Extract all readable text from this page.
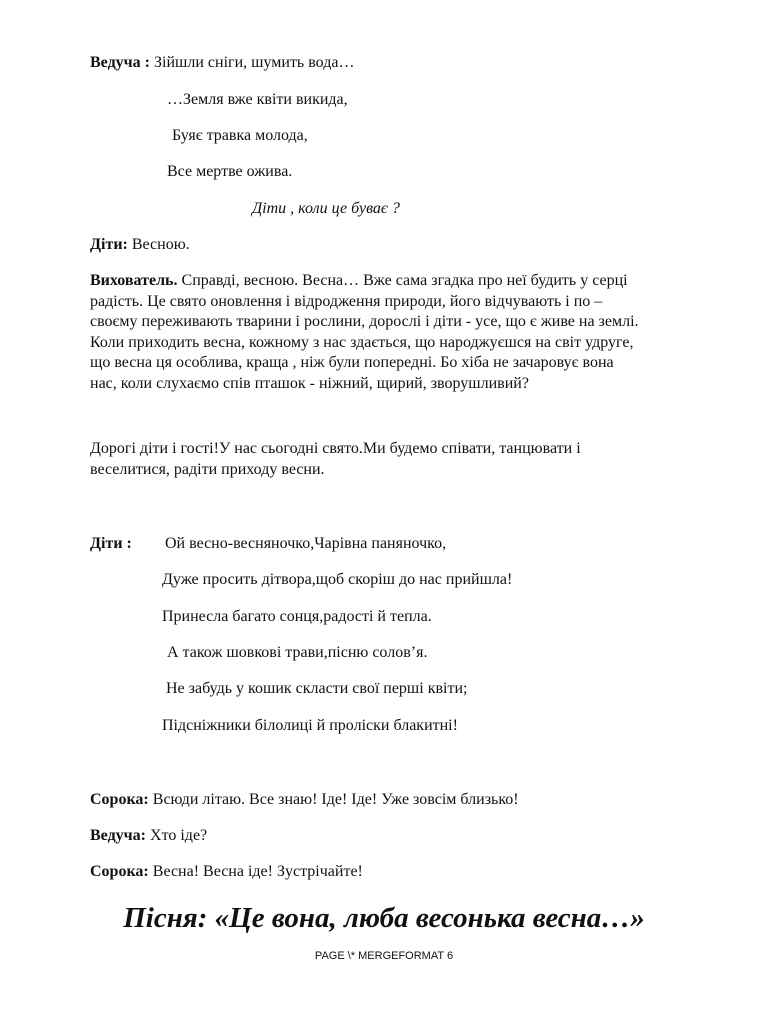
Ведуча : Зійшли сніги, шумить вода…
…Земля вже квіти викида,
Буяє травка молода,
Все мертве ожива.
Діти , коли це буває ?
Діти: Весною.
Вихователь. Справді, весною. Весна… Вже сама згадка про неї будить у серці
радість. Це свято оновлення і відродження природи, його відчувають і по –
своєму переживають тварини і рослини, дорослі і діти - усе, що є живе на землі.
Коли приходить весна, кожному з нас здається, що народжуєшся на світ удруге,
що весна ця особлива, краща , ніж були попередні. Бо хіба не зачаровує вона
нас, коли слухаємо спів пташок - ніжний, щирий, зворушливий?
Дорогі діти і гості!У нас сьогодні свято.Ми будемо співати, танцювати і
веселитися, радіти приходу весни.
Діти : Ой весно-весняночко,Чарівна паняночко,
Дуже просить дітвора,щоб скоріш до нас прийшла!
Принесла багато сонця,радості й тепла.
А також шовкові трави,пісню солов’я.
Не забудь у кошик скласти свої перші квіти;
Підсніжники білолиці й проліски блакитні!
Сорока: Всюди літаю. Все знаю! Іде! Іде! Уже зовсім близько!
Ведуча: Хто іде?
Сорока: Весна! Весна іде! Зустрічайте!
Пісня: «Це вона, люба весонька весна…»
PAGE \* MERGEFORMAT 6
